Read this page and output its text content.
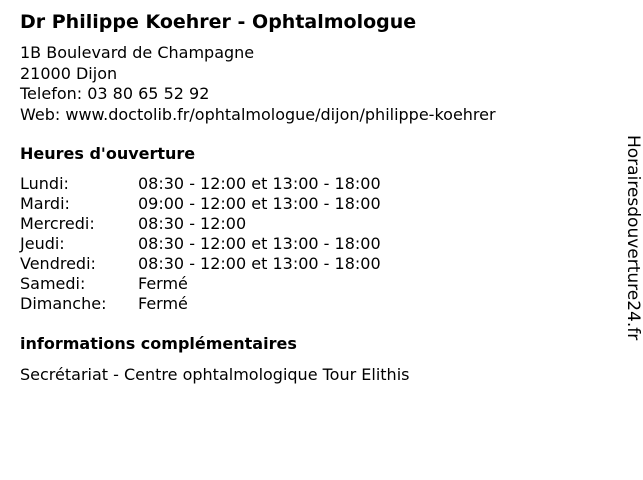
Dr Philippe Koehrer - Ophtalmologue
1B Boulevard de Champagne
21000 Dijon
Telefon: 03 80 65 52 92
Web: www.doctolib.fr/ophtalmologue/dijon/philippe-koehrer
Heures d'ouverture
Lundi:	08:30 - 12:00 et 13:00 - 18:00
Mardi:	09:00 - 12:00 et 13:00 - 18:00
Mercredi:	08:30 - 12:00
Jeudi:	08:30 - 12:00 et 13:00 - 18:00
Vendredi:	08:30 - 12:00 et 13:00 - 18:00
Samedi:	Fermé
Dimanche:	Fermé
informations complémentaires
Secrétariat - Centre ophtalmologique Tour Elithis
Horairesdouverture24.fr
